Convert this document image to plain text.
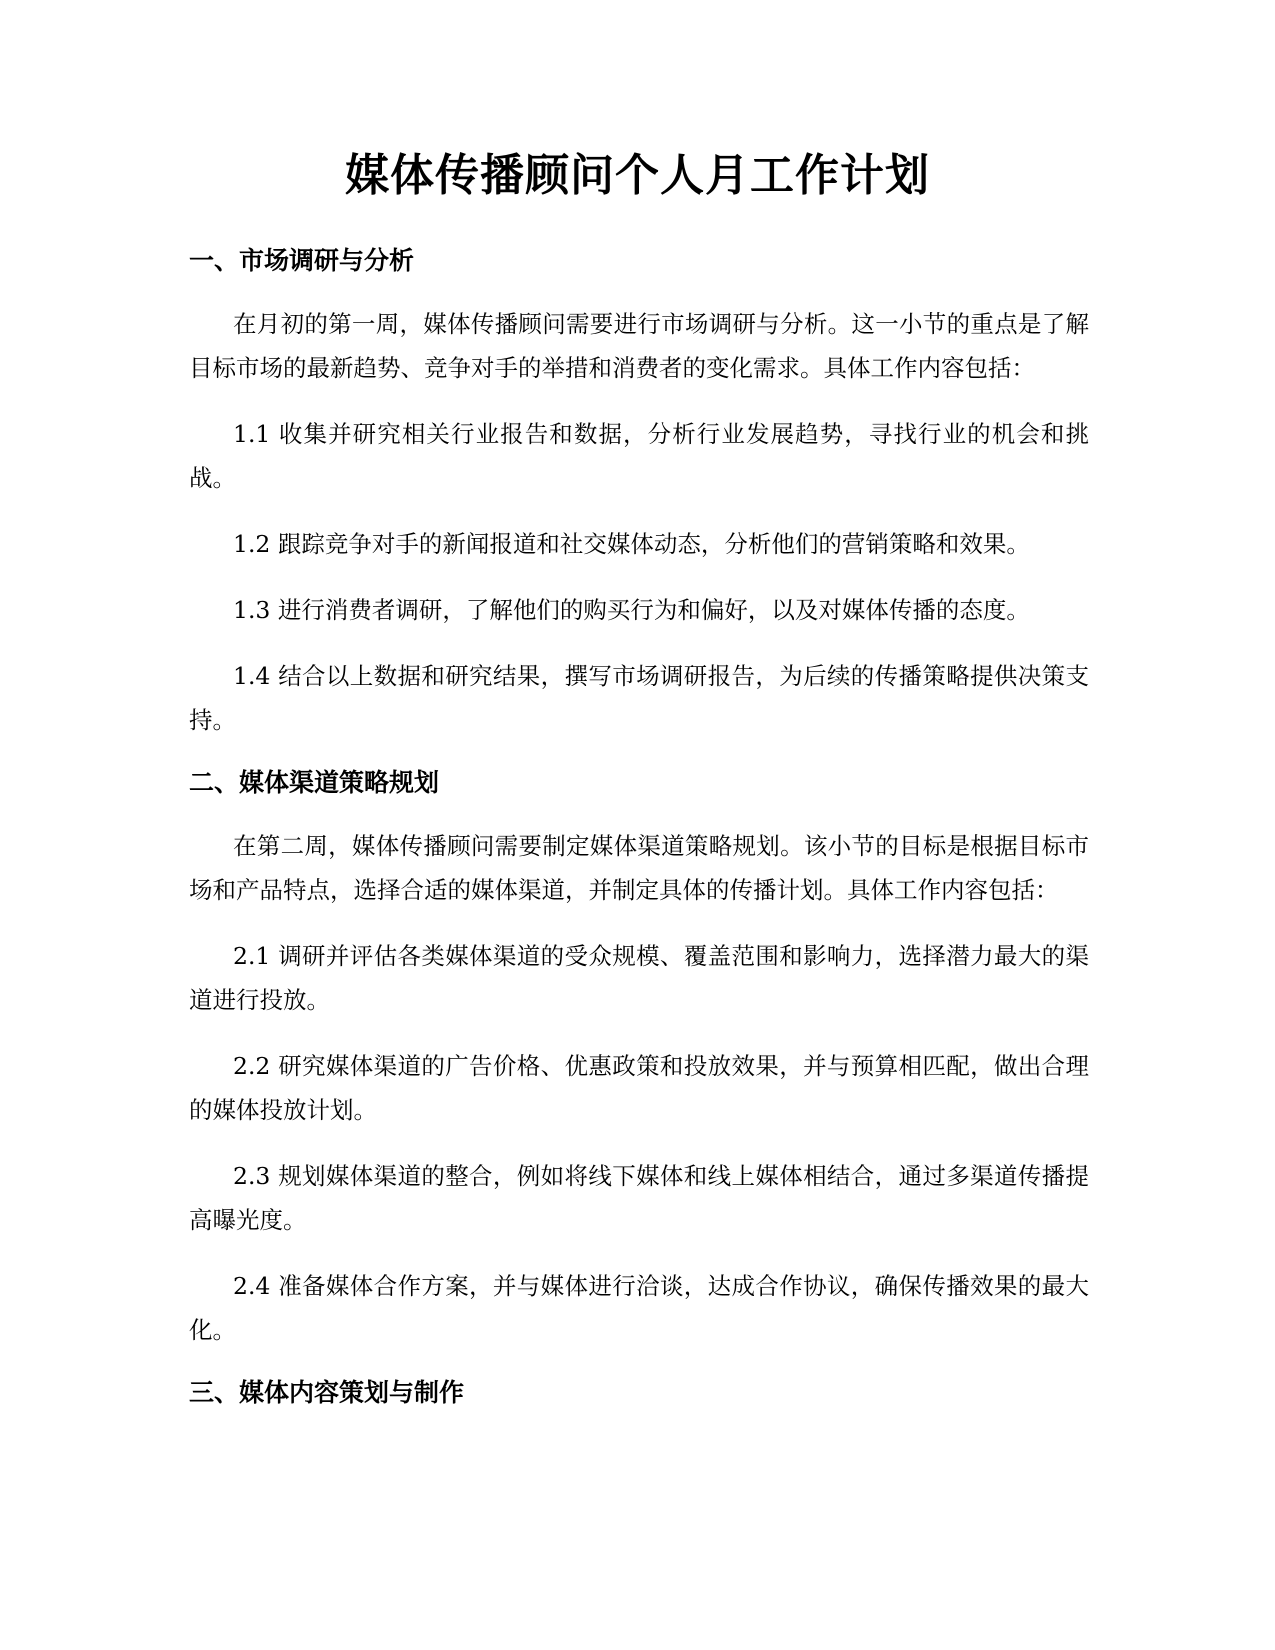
媒体传播顾问个人月工作计划
一、市场调研与分析

在月初的第一周，媒体传播顾问需要进行市场调研与分析。这一小节的重点是了解目标市场的最新趋势、竞争对手的举措和消费者的变化需求。具体工作内容包括：

1.1 收集并研究相关行业报告和数据，分析行业发展趋势，寻找行业的机会和挑战。

1.2 跟踪竞争对手的新闻报道和社交媒体动态，分析他们的营销策略和效果。

1.3 进行消费者调研，了解他们的购买行为和偏好，以及对媒体传播的态度。

1.4 结合以上数据和研究结果，撰写市场调研报告，为后续的传播策略提供决策支持。

二、媒体渠道策略规划

在第二周，媒体传播顾问需要制定媒体渠道策略规划。该小节的目标是根据目标市场和产品特点，选择合适的媒体渠道，并制定具体的传播计划。具体工作内容包括：

2.1 调研并评估各类媒体渠道的受众规模、覆盖范围和影响力，选择潜力最大的渠道进行投放。

2.2 研究媒体渠道的广告价格、优惠政策和投放效果，并与预算相匹配，做出合理的媒体投放计划。

2.3 规划媒体渠道的整合，例如将线下媒体和线上媒体相结合，通过多渠道传播提高曝光度。

2.4 准备媒体合作方案，并与媒体进行洽谈，达成合作协议，确保传播效果的最大化。

三、媒体内容策划与制作
